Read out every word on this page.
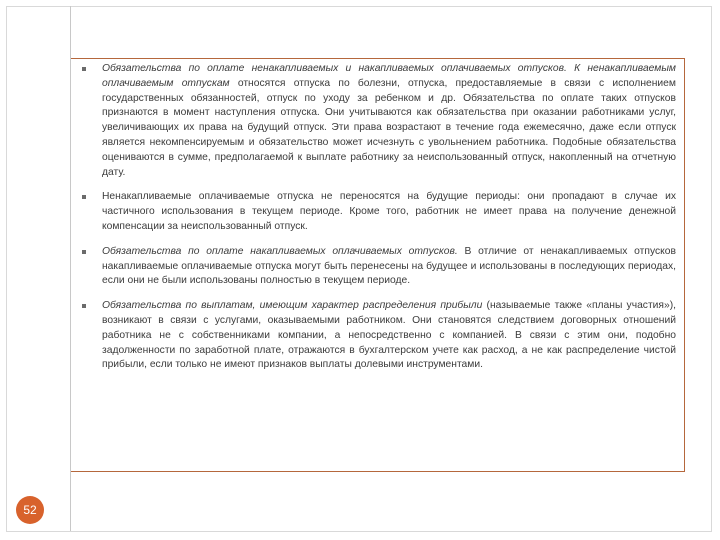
Обязательства по оплате ненакапливаемых и накапливаемых оплачиваемых отпусков. К ненакапливаемым оплачиваемым отпускам относятся отпуска по болезни, отпуска, предоставляемые в связи с исполнением государственных обязанностей, отпуск по уходу за ребенком и др. Обязательства по оплате таких отпусков признаются в момент наступления отпуска. Они учитываются как обязательства при оказании работниками услуг, увеличивающих их права на будущий отпуск. Эти права возрастают в течение года ежемесячно, даже если отпуск является некомпенсируемым и обязательство может исчезнуть с увольнением работника. Подобные обязательства оцениваются в сумме, предполагаемой к выплате работнику за неиспользованный отпуск, накопленный на отчетную дату.
Ненакапливаемые оплачиваемые отпуска не переносятся на будущие периоды: они пропадают в случае их частичного использования в текущем периоде. Кроме того, работник не имеет права на получение денежной компенсации за неиспользованный отпуск.
Обязательства по оплате накапливаемых оплачиваемых отпусков. В отличие от ненакапливаемых отпусков накапливаемые оплачиваемые отпуска могут быть перенесены на будущее и использованы в последующих периодах, если они не были использованы полностью в текущем периоде.
Обязательства по выплатам, имеющим характер распределения прибыли (называемые также «планы участия»), возникают в связи с услугами, оказываемыми работником. Они становятся следствием договорных отношений работника не с собственниками компании, а непосредственно с компанией. В связи с этим они, подобно задолженности по заработной плате, отражаются в бухгалтерском учете как расход, а не как распределение чистой прибыли, если только не имеют признаков выплаты долевыми инструментами.
52
